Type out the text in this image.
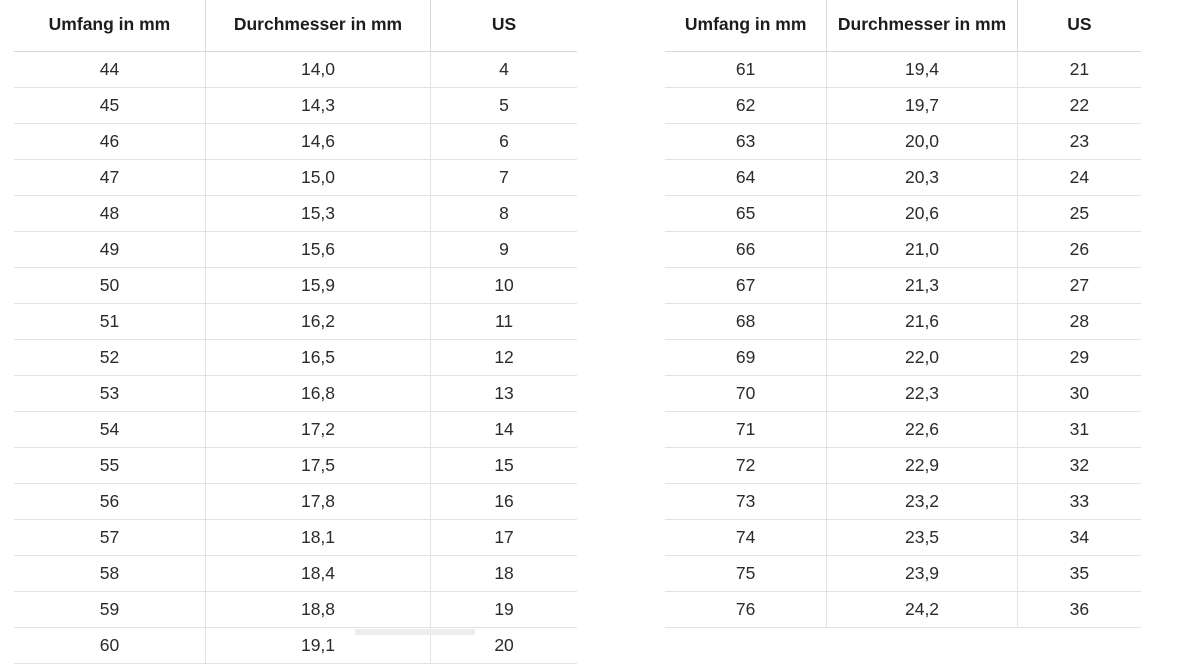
Umfang in mm	Durchmesser in mm	US
44	14,0	4
45	14,3	5
46	14,6	6
47	15,0	7
48	15,3	8
49	15,6	9
50	15,9	10
51	16,2	11
52	16,5	12
53	16,8	13
54	17,2	14
55	17,5	15
56	17,8	16
57	18,1	17
58	18,4	18
59	18,8	19
60	19,1	20
Umfang in mm	Durchmesser in mm	US
61	19,4	21
62	19,7	22
63	20,0	23
64	20,3	24
65	20,6	25
66	21,0	26
67	21,3	27
68	21,6	28
69	22,0	29
70	22,3	30
71	22,6	31
72	22,9	32
73	23,2	33
74	23,5	34
75	23,9	35
76	24,2	36
